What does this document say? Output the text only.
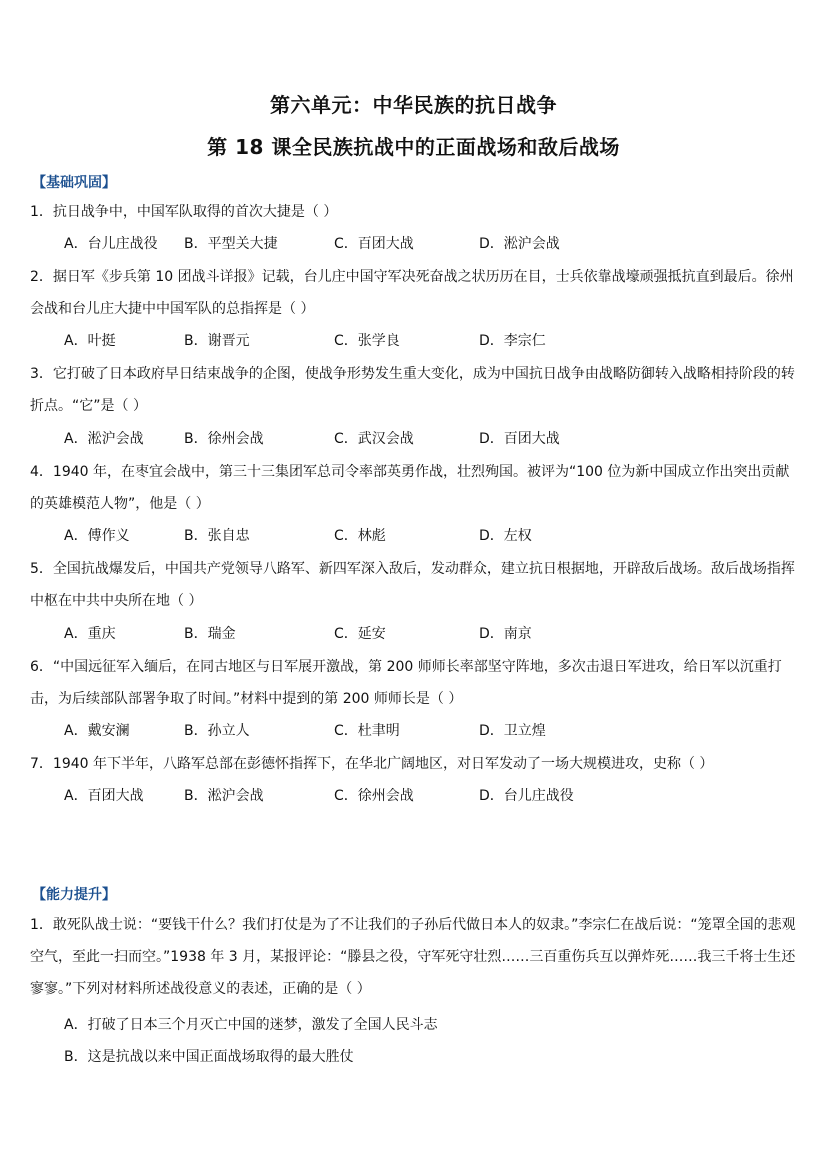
第六单元：中华民族的抗日战争
第 18 课全民族抗战中的正面战场和敌后战场
【基础巩固】
1．抗日战争中，中国军队取得的首次大捷是（ ）
A．台儿庄战役 B．平型关大捷	C．百团大战	D．淞沪会战
2．据日军《步兵第 10 团战斗详报》记载，台儿庄中国守军决死奋战之状历历在目，士兵依靠战壕顽强抵抗直到最后。徐州会战和台儿庄大捷中中国军队的总指挥是（ ）
A．叶挺	B．谢晋元	C．张学良	D．李宗仁
3．它打破了日本政府早日结束战争的企图，使战争形势发生重大变化，成为中国抗日战争由战略防御转入战略相持阶段的转折点。“它”是（ ）
A．淞沪会战	B．徐州会战	C．武汉会战	D．百团大战
4．1940 年，在枣宜会战中，第三十三集团军总司令率部英勇作战，壮烈殉国。被评为“100 位为新中国成立作出突出贡献的英雄模范人物”，他是（ ）
A．傅作义	B．张自忠	C．林彪	D．左权
5．全国抗战爆发后，中国共产党领导八路军、新四军深入敌后，发动群众，建立抗日根据地，开辟敌后战场。敌后战场指挥中枢在中共中央所在地（ ）
A．重庆	B．瑞金	C．延安	D．南京
6．“中国远征军入缅后，在同古地区与日军展开激战，第 200 师师长率部坚守阵地，多次击退日军进攻，给日军以沉重打击，为后续部队部署争取了时间。”材料中提到的第 200 师师长是（ ）
A．戴安澜	B．孙立人	C．杜聿明	D．卫立煌
7．1940 年下半年，八路军总部在彭德怀指挥下，在华北广阔地区，对日军发动了一场大规模进攻，史称（ ）
A．百团大战	B．淞沪会战	C．徐州会战	D．台儿庄战役
【能力提升】
1．敢死队战士说：“要钱干什么？我们打仗是为了不让我们的子孙后代做日本人的奴隶。”李宗仁在战后说：“笼罩全国的悲观空气，至此一扫而空。”1938 年 3 月，某报评论：“滕县之役，守军死守壮烈……三百重伤兵互以弹炸死……我三千将士生还寥寥。”下列对材料所述战役意义的表述，正确的是（ ）
A．打破了日本三个月灭亡中国的迷梦，激发了全国人民斗志
B．这是抗战以来中国正面战场取得的最大胜仗
